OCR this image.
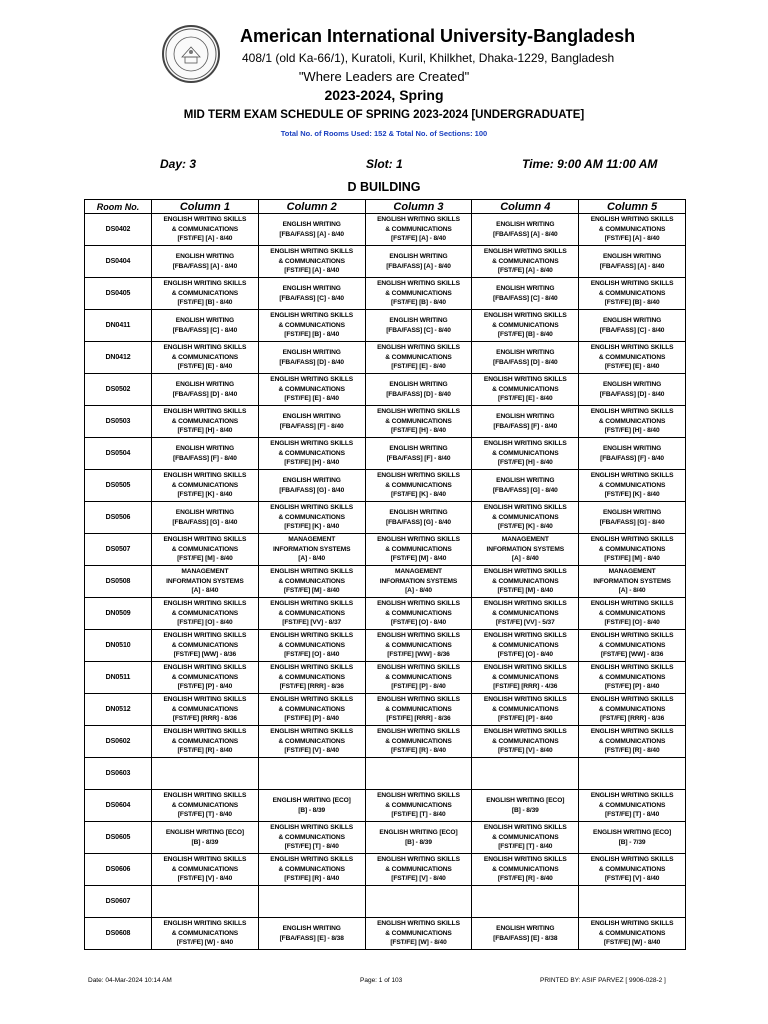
American International University-Bangladesh
408/1 (old Ka-66/1), Kuratoli, Kuril, Khilkhet, Dhaka-1229, Bangladesh
"Where Leaders are Created"
2023-2024, Spring
MID TERM EXAM SCHEDULE OF SPRING 2023-2024 [UNDERGRADUATE]
Total No. of Rooms Used: 152 & Total No. of Sections: 100
Day: 3	Slot: 1	Time: 9:00 AM 11:00 AM
D BUILDING
Room No.	Column 1	Column 2	Column 3	Column 4	Column 5
DS0402	ENGLISH WRITING SKILLS
& COMMUNICATIONS
[FST/FE] [A] - 8/40	ENGLISH WRITING
[FBA/FASS] [A] - 8/40	ENGLISH WRITING SKILLS
& COMMUNICATIONS
[FST/FE] [A] - 8/40	ENGLISH WRITING
[FBA/FASS] [A] - 8/40	ENGLISH WRITING SKILLS
& COMMUNICATIONS
[FST/FE] [A] - 8/40

DS0404	ENGLISH WRITING
[FBA/FASS] [A] - 8/40	ENGLISH WRITING SKILLS
& COMMUNICATIONS
[FST/FE] [A] - 8/40	ENGLISH WRITING
[FBA/FASS] [A] - 8/40	ENGLISH WRITING SKILLS
& COMMUNICATIONS
[FST/FE] [A] - 8/40	ENGLISH WRITING
[FBA/FASS] [A] - 8/40

DS0405	ENGLISH WRITING SKILLS
& COMMUNICATIONS
[FST/FE] [B] - 8/40	ENGLISH WRITING
[FBA/FASS] [C] - 8/40	ENGLISH WRITING SKILLS
& COMMUNICATIONS
[FST/FE] [B] - 8/40	ENGLISH WRITING
[FBA/FASS] [C] - 8/40	ENGLISH WRITING SKILLS
& COMMUNICATIONS
[FST/FE] [B] - 8/40

DN0411	ENGLISH WRITING
[FBA/FASS] [C] - 8/40	ENGLISH WRITING SKILLS
& COMMUNICATIONS
[FST/FE] [B] - 8/40	ENGLISH WRITING
[FBA/FASS] [C] - 8/40	ENGLISH WRITING SKILLS
& COMMUNICATIONS
[FST/FE] [B] - 8/40	ENGLISH WRITING
[FBA/FASS] [C] - 8/40

DN0412	ENGLISH WRITING SKILLS
& COMMUNICATIONS
[FST/FE] [E] - 8/40	ENGLISH WRITING
[FBA/FASS] [D] - 8/40	ENGLISH WRITING SKILLS
& COMMUNICATIONS
[FST/FE] [E] - 8/40	ENGLISH WRITING
[FBA/FASS] [D] - 8/40	ENGLISH WRITING SKILLS
& COMMUNICATIONS
[FST/FE] [E] - 8/40

DS0502	ENGLISH WRITING
[FBA/FASS] [D] - 8/40	ENGLISH WRITING SKILLS
& COMMUNICATIONS
[FST/FE] [E] - 8/40	ENGLISH WRITING
[FBA/FASS] [D] - 8/40	ENGLISH WRITING SKILLS
& COMMUNICATIONS
[FST/FE] [E] - 8/40	ENGLISH WRITING
[FBA/FASS] [D] - 8/40

DS0503	ENGLISH WRITING SKILLS
& COMMUNICATIONS
[FST/FE] [H] - 8/40	ENGLISH WRITING
[FBA/FASS] [F] - 8/40	ENGLISH WRITING SKILLS
& COMMUNICATIONS
[FST/FE] [H] - 8/40	ENGLISH WRITING
[FBA/FASS] [F] - 8/40	ENGLISH WRITING SKILLS
& COMMUNICATIONS
[FST/FE] [H] - 8/40

DS0504	ENGLISH WRITING
[FBA/FASS] [F] - 8/40	ENGLISH WRITING SKILLS
& COMMUNICATIONS
[FST/FE] [H] - 8/40	ENGLISH WRITING
[FBA/FASS] [F] - 8/40	ENGLISH WRITING SKILLS
& COMMUNICATIONS
[FST/FE] [H] - 8/40	ENGLISH WRITING
[FBA/FASS] [F] - 8/40

DS0505	ENGLISH WRITING SKILLS
& COMMUNICATIONS
[FST/FE] [K] - 8/40	ENGLISH WRITING
[FBA/FASS] [G] - 8/40	ENGLISH WRITING SKILLS
& COMMUNICATIONS
[FST/FE] [K] - 8/40	ENGLISH WRITING
[FBA/FASS] [G] - 8/40	ENGLISH WRITING SKILLS
& COMMUNICATIONS
[FST/FE] [K] - 8/40

DS0506	ENGLISH WRITING
[FBA/FASS] [G] - 8/40	ENGLISH WRITING SKILLS
& COMMUNICATIONS
[FST/FE] [K] - 8/40	ENGLISH WRITING
[FBA/FASS] [G] - 8/40	ENGLISH WRITING SKILLS
& COMMUNICATIONS
[FST/FE] [K] - 8/40	ENGLISH WRITING
[FBA/FASS] [G] - 8/40

DS0507	ENGLISH WRITING SKILLS
& COMMUNICATIONS
[FST/FE] [M] - 8/40	MANAGEMENT
INFORMATION SYSTEMS
[A] - 8/40	ENGLISH WRITING SKILLS
& COMMUNICATIONS
[FST/FE] [M] - 8/40	MANAGEMENT
INFORMATION SYSTEMS
[A] - 8/40	ENGLISH WRITING SKILLS
& COMMUNICATIONS
[FST/FE] [M] - 8/40

DS0508	MANAGEMENT
INFORMATION SYSTEMS
[A] - 8/40	ENGLISH WRITING SKILLS
& COMMUNICATIONS
[FST/FE] [M] - 8/40	MANAGEMENT
INFORMATION SYSTEMS
[A] - 8/40	ENGLISH WRITING SKILLS
& COMMUNICATIONS
[FST/FE] [M] - 8/40	MANAGEMENT
INFORMATION SYSTEMS
[A] - 8/40

DN0509	ENGLISH WRITING SKILLS
& COMMUNICATIONS
[FST/FE] [O] - 8/40	ENGLISH WRITING SKILLS
& COMMUNICATIONS
[FST/FE] [VV] - 8/37	ENGLISH WRITING SKILLS
& COMMUNICATIONS
[FST/FE] [O] - 8/40	ENGLISH WRITING SKILLS
& COMMUNICATIONS
[FST/FE] [VV] - 5/37	ENGLISH WRITING SKILLS
& COMMUNICATIONS
[FST/FE] [O] - 8/40

DN0510	ENGLISH WRITING SKILLS
& COMMUNICATIONS
[FST/FE] [WW] - 8/36	ENGLISH WRITING SKILLS
& COMMUNICATIONS
[FST/FE] [O] - 8/40	ENGLISH WRITING SKILLS
& COMMUNICATIONS
[FST/FE] [WW] - 8/36	ENGLISH WRITING SKILLS
& COMMUNICATIONS
[FST/FE] [O] - 8/40	ENGLISH WRITING SKILLS
& COMMUNICATIONS
[FST/FE] [WW] - 8/36

DN0511	ENGLISH WRITING SKILLS
& COMMUNICATIONS
[FST/FE] [P] - 8/40	ENGLISH WRITING SKILLS
& COMMUNICATIONS
[FST/FE] [RRR] - 8/36	ENGLISH WRITING SKILLS
& COMMUNICATIONS
[FST/FE] [P] - 8/40	ENGLISH WRITING SKILLS
& COMMUNICATIONS
[FST/FE] [RRR] - 4/36	ENGLISH WRITING SKILLS
& COMMUNICATIONS
[FST/FE] [P] - 8/40

DN0512	ENGLISH WRITING SKILLS
& COMMUNICATIONS
[FST/FE] [RRR] - 8/36	ENGLISH WRITING SKILLS
& COMMUNICATIONS
[FST/FE] [P] - 8/40	ENGLISH WRITING SKILLS
& COMMUNICATIONS
[FST/FE] [RRR] - 8/36	ENGLISH WRITING SKILLS
& COMMUNICATIONS
[FST/FE] [P] - 8/40	ENGLISH WRITING SKILLS
& COMMUNICATIONS
[FST/FE] [RRR] - 8/36

DS0602	ENGLISH WRITING SKILLS
& COMMUNICATIONS
[FST/FE] [R] - 8/40	ENGLISH WRITING SKILLS
& COMMUNICATIONS
[FST/FE] [V] - 8/40	ENGLISH WRITING SKILLS
& COMMUNICATIONS
[FST/FE] [R] - 8/40	ENGLISH WRITING SKILLS
& COMMUNICATIONS
[FST/FE] [V] - 8/40	ENGLISH WRITING SKILLS
& COMMUNICATIONS
[FST/FE] [R] - 8/40

DS0603					
DS0604	ENGLISH WRITING SKILLS
& COMMUNICATIONS
[FST/FE] [T] - 8/40	ENGLISH WRITING [ECO]
[B] - 8/39	ENGLISH WRITING SKILLS
& COMMUNICATIONS
[FST/FE] [T] - 8/40	ENGLISH WRITING [ECO]
[B] - 8/39	ENGLISH WRITING SKILLS
& COMMUNICATIONS
[FST/FE] [T] - 8/40

DS0605	ENGLISH WRITING [ECO]
[B] - 8/39	ENGLISH WRITING SKILLS
& COMMUNICATIONS
[FST/FE] [T] - 8/40	ENGLISH WRITING [ECO]
[B] - 8/39	ENGLISH WRITING SKILLS
& COMMUNICATIONS
[FST/FE] [T] - 8/40	ENGLISH WRITING [ECO]
[B] - 7/39

DS0606	ENGLISH WRITING SKILLS
& COMMUNICATIONS
[FST/FE] [V] - 8/40	ENGLISH WRITING SKILLS
& COMMUNICATIONS
[FST/FE] [R] - 8/40	ENGLISH WRITING SKILLS
& COMMUNICATIONS
[FST/FE] [V] - 8/40	ENGLISH WRITING SKILLS
& COMMUNICATIONS
[FST/FE] [R] - 8/40	ENGLISH WRITING SKILLS
& COMMUNICATIONS
[FST/FE] [V] - 8/40

DS0607					
DS0608	ENGLISH WRITING SKILLS
& COMMUNICATIONS
[FST/FE] [W] - 8/40	ENGLISH WRITING
[FBA/FASS] [E] - 8/38	ENGLISH WRITING SKILLS
& COMMUNICATIONS
[FST/FE] [W] - 8/40	ENGLISH WRITING
[FBA/FASS] [E] - 8/38	ENGLISH WRITING SKILLS
& COMMUNICATIONS
[FST/FE] [W] - 8/40
Date: 04-Mar-2024 10:14 AM	Page: 1 of 103	PRINTED BY: ASIF PARVEZ [ 9906-028-2 ]
